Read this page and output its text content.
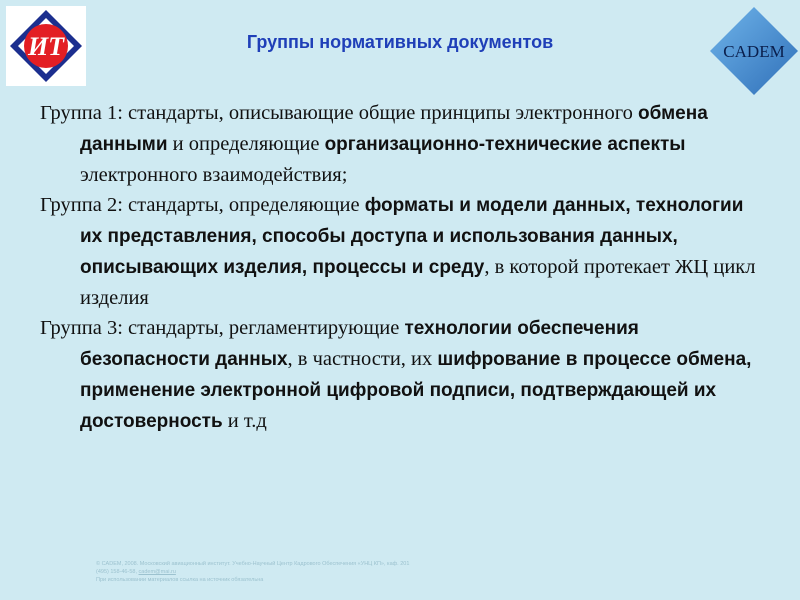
ИТ	CADEM
Группы нормативных документов

Группа 1: стандарты, описывающие общие принципы электронного обмена данными и определяющие организационно-технические аспекты электронного взаимодействия;

Группа 2: стандарты, определяющие форматы и модели данных, технологии их представления, способы доступа и использования данных, описывающих изделия, процессы и среду, в которой протекает ЖЦ цикл изделия

Группа 3: стандарты, регламентирующие технологии обеспечения безопасности данных, в частности, их шифрование в процессе обмена, применение электронной цифровой подписи, подтверждающей их достоверность и т.д

© CADEM, 2008. Московский авиационный институт. Учебно-Научный Центр Кадрового Обеспечения «УНЦ КП», каф. 201
(495) 158-46-58, cadem@mai.ru
При использовании материалов ссылка на источник обязательна
